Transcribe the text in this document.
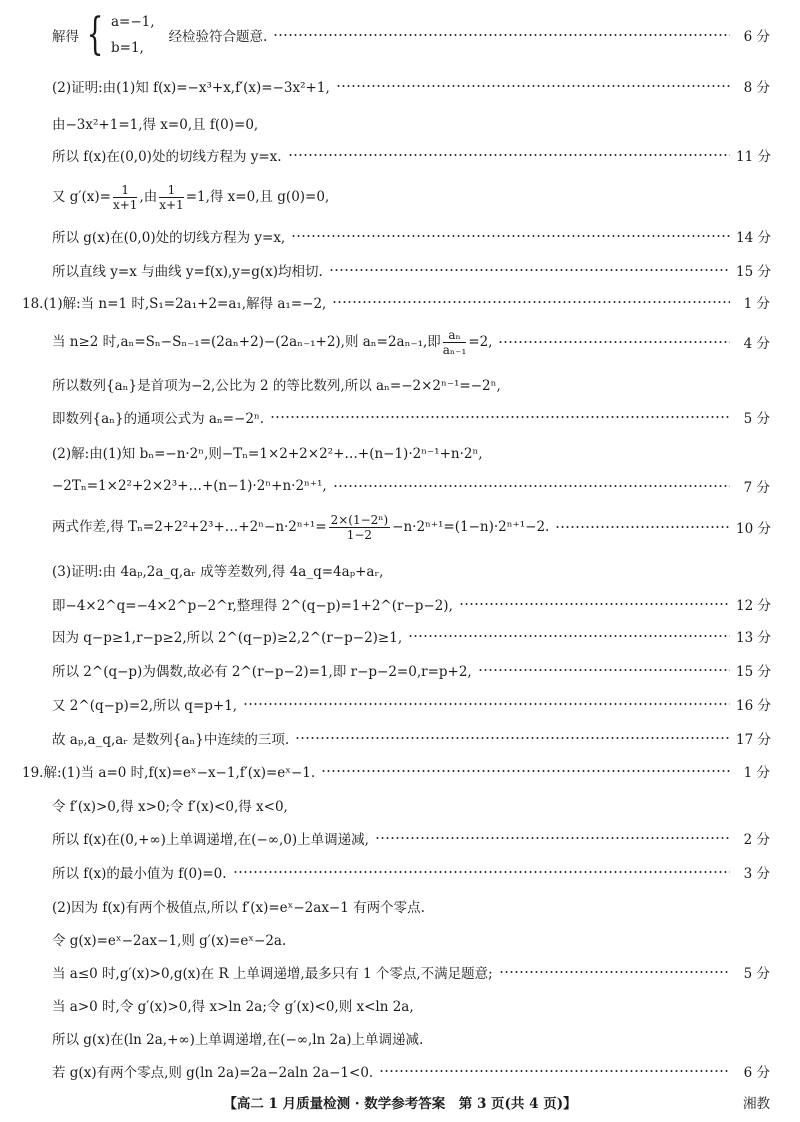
解得 { a=−1,
b=1,
经检验符合题意.	6 分
(2)证明:由(1)知 f(x)=−x³+x,f′(x)=−3x²+1,	8 分
由−3x²+1=1,得 x=0,且 f(0)=0,
所以 f(x)在(0,0)处的切线方程为 y=x.	11 分
又 $g'(x)= \frac{1}{x+1}$ ,由 $\frac{1}{x+1} =1$,得 x=0,且 g(0)=0,
所以 g(x)在(0,0)处的切线方程为 y=x,	14 分
所以直线 y=x 与曲线 y=f(x),y=g(x)均相切.	15 分
18.(1)解:当 n=1 时,S₁=2a₁+2=a₁,解得 a₁=−2,	1 分
当 n≥2 时,aₙ=Sₙ−Sₙ₋₁=(2aₙ+2)−(2aₙ₋₁+2),则 aₙ=2aₙ₋₁,即 $\frac{\text{aₙ}}{\text{aₙ₋₁}} =2$,	4 分
所以数列{aₙ}是首项为−2,公比为 2 的等比数列,所以 aₙ=−2×2ⁿ⁻¹=−2ⁿ,
即数列{aₙ}的通项公式为 aₙ=−2ⁿ.	5 分
(2)解:由(1)知 bₙ=−n·2ⁿ,则−Tₙ=1×2+2×2²+…+(n−1)·2ⁿ⁻¹+n·2ⁿ,
−2Tₙ=1×2²+2×2³+…+(n−1)·2ⁿ+n·2ⁿ⁺¹,	7 分
两式作差,得 Tₙ=2+2²+2³+…+2ⁿ−n·2ⁿ⁺¹= $\frac{\text{2×(1−2ⁿ)}}{1-2} -n\cdot 2^{n+1}=(1-n)\cdot 2^{n+1}-2$.	10 分
(3)证明:由 4aₚ,2a_q,aᵣ 成等差数列,得 4a_q=4aₚ+aᵣ,
即−4×2^q=−4×2^p−2^r,整理得 2^(q−p)=1+2^(r−p−2),	12 分
因为 q−p≥1,r−p≥2,所以 2^(q−p)≥2,2^(r−p−2)≥1,	13 分
所以 2^(q−p)为偶数,故必有 2^(r−p−2)=1,即 r−p−2=0,r=p+2,	15 分
又 2^(q−p)=2,所以 q=p+1,	16 分
故 aₚ,a_q,aᵣ 是数列{aₙ}中连续的三项.	17 分
19.解:(1)当 a=0 时,f(x)=eˣ−x−1,f′(x)=eˣ−1.	1 分
令 f′(x)>0,得 x>0;令 f′(x)<0,得 x<0,
所以 f(x)在(0,+∞)上单调递增,在(−∞,0)上单调递减,	2 分
所以 f(x)的最小值为 f(0)=0.	3 分
(2)因为 f(x)有两个极值点,所以 f′(x)=eˣ−2ax−1 有两个零点.
令 g(x)=eˣ−2ax−1,则 g′(x)=eˣ−2a.
当 a≤0 时,g′(x)>0,g(x)在 R 上单调递增,最多只有 1 个零点,不满足题意;	5 分
当 a>0 时,令 g′(x)>0,得 x>ln 2a;令 g′(x)<0,则 x<ln 2a,
所以 g(x)在(ln 2a,+∞)上单调递增,在(−∞,ln 2a)上单调递减.
若 g(x)有两个零点,则 g(ln 2a)=2a−2aln 2a−1<0.	6 分
【高二 1 月质量检测 · 数学参考答案　第 3 页(共 4 页)】	湘教
